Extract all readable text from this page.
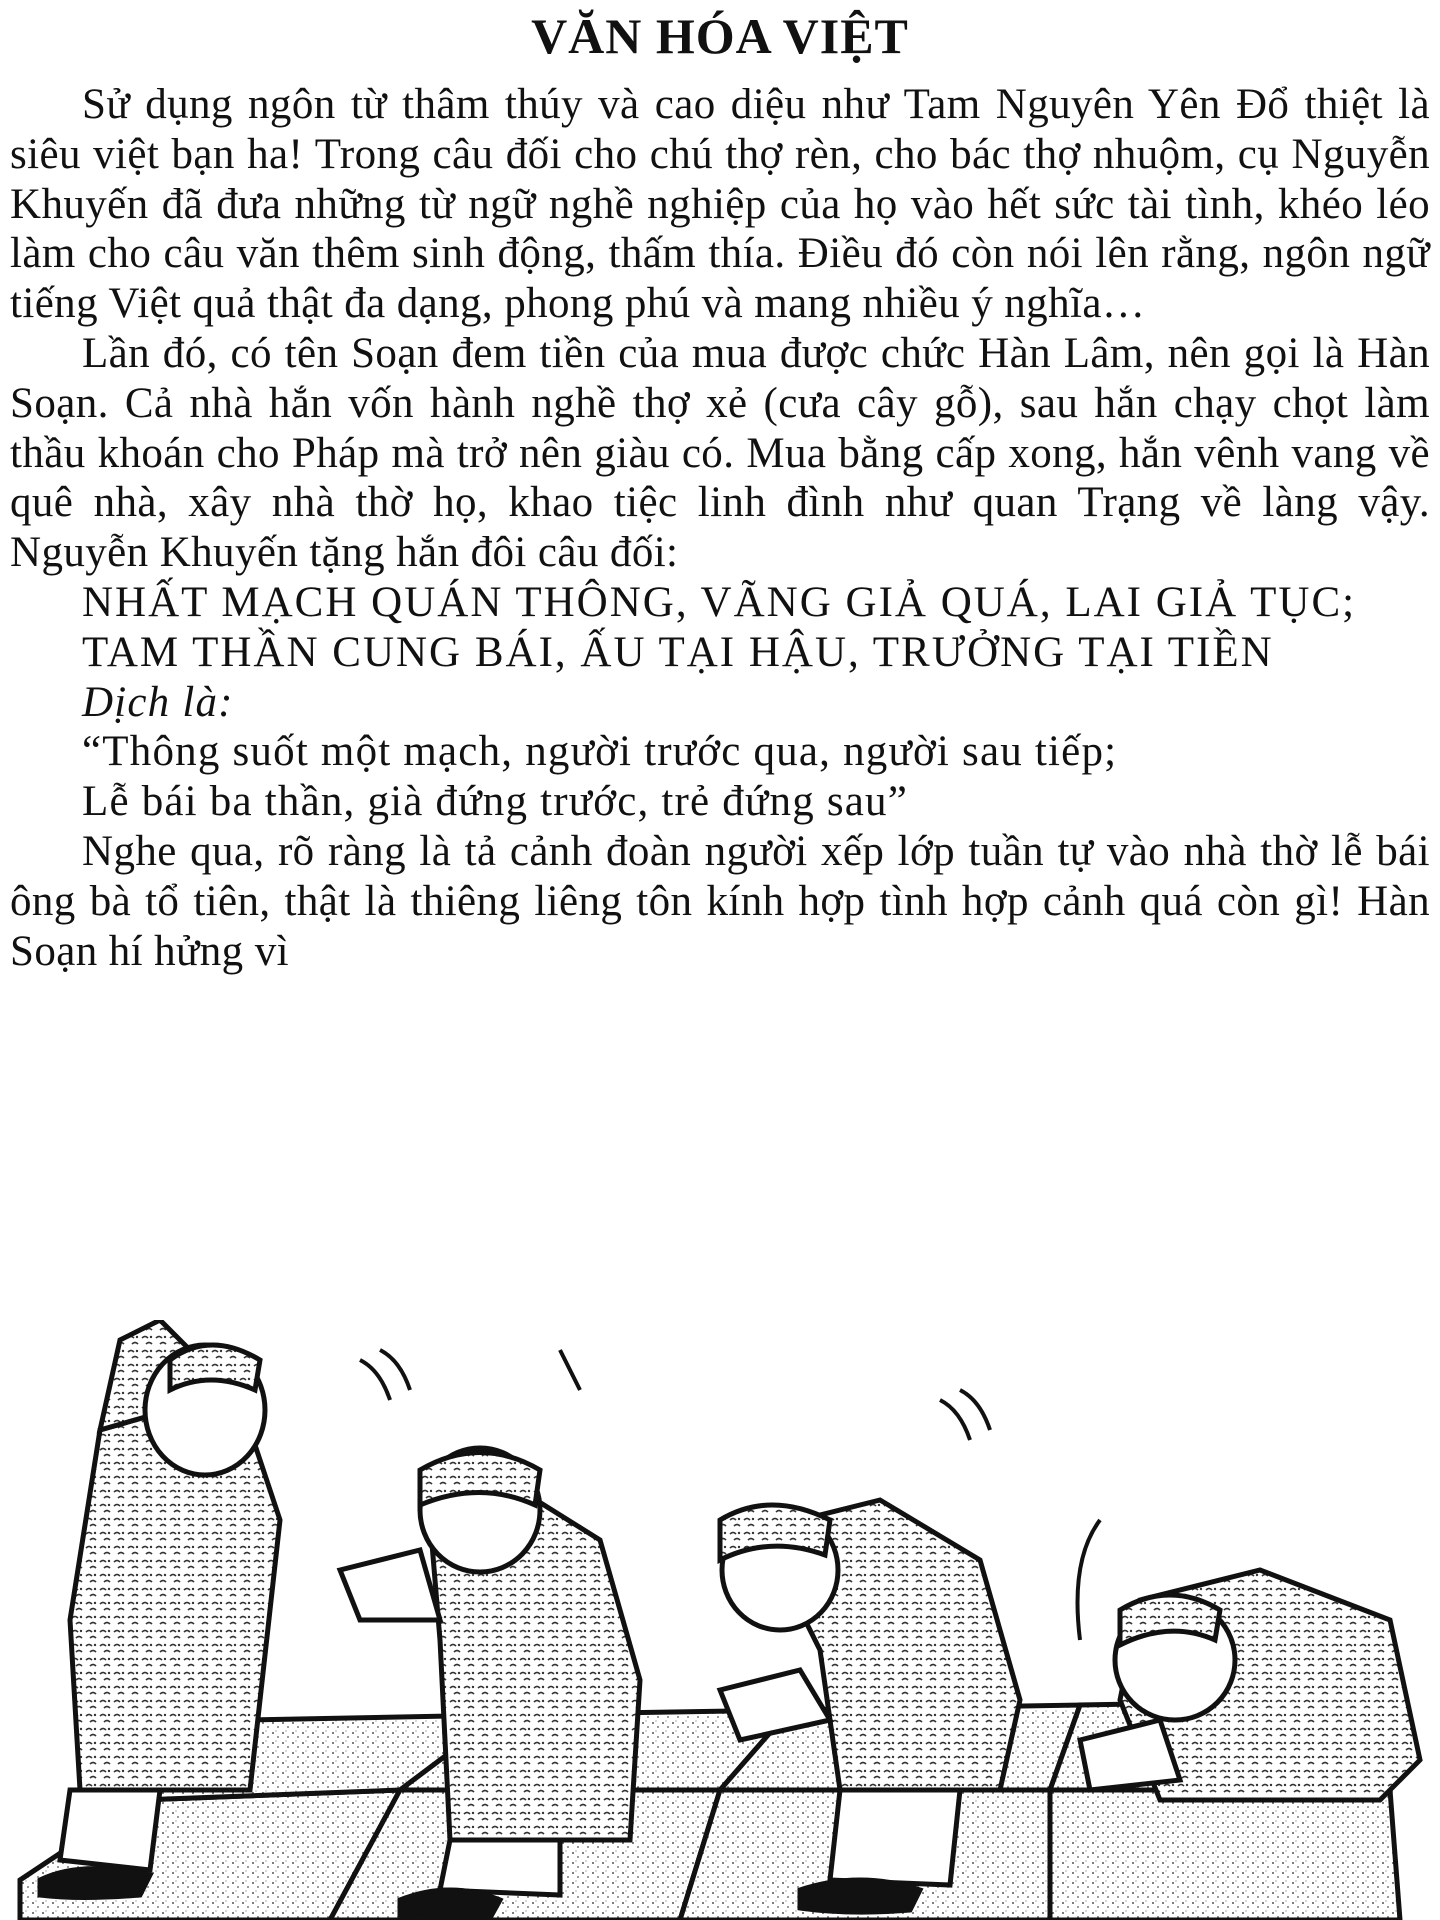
VĂN HÓA VIỆT

Sử dụng ngôn từ thâm thúy và cao diệu như Tam Nguyên Yên Đổ thiệt là siêu việt bạn ha! Trong câu đối cho chú thợ rèn, cho bác thợ nhuộm, cụ Nguyễn Khuyến đã đưa những từ ngữ nghề nghiệp của họ vào hết sức tài tình, khéo léo làm cho câu văn thêm sinh động, thấm thía. Điều đó còn nói lên rằng, ngôn ngữ tiếng Việt quả thật đa dạng, phong phú và mang nhiều ý nghĩa…

Lần đó, có tên Soạn đem tiền của mua được chức Hàn Lâm, nên gọi là Hàn Soạn. Cả nhà hắn vốn hành nghề thợ xẻ (cưa cây gỗ), sau hắn chạy chọt làm thầu khoán cho Pháp mà trở nên giàu có. Mua bằng cấp xong, hắn vênh vang về quê nhà, xây nhà thờ họ, khao tiệc linh đình như quan Trạng về làng vậy. Nguyễn Khuyến tặng hắn đôi câu đối:

NHẤT MẠCH QUÁN THÔNG, VÃNG GIẢ QUÁ, LAI GIẢ TỤC;

TAM THẦN CUNG BÁI, ẤU TẠI HẬU, TRƯỞNG TẠI TIỀN

Dịch là:

“Thông suốt một mạch, người trước qua, người sau tiếp;

Lễ bái ba thần, già đứng trước, trẻ đứng sau”

Nghe qua, rõ ràng là tả cảnh đoàn người xếp lớp tuần tự vào nhà thờ lễ bái ông bà tổ tiên, thật là thiêng liêng tôn kính hợp tình hợp cảnh quá còn gì! Hàn Soạn hí hửng vì
